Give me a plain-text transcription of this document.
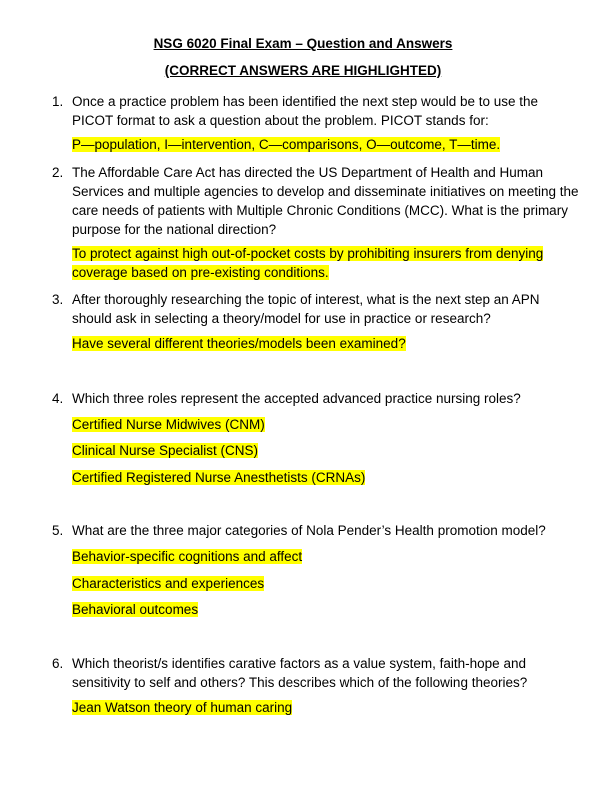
NSG 6020 Final Exam – Question and Answers
(CORRECT ANSWERS ARE HIGHLIGHTED)
1. Once a practice problem has been identified the next step would be to use the PICOT format to ask a question about the problem. PICOT stands for:
P—population, I—intervention, C—comparisons, O—outcome, T—time.
2. The Affordable Care Act has directed the US Department of Health and Human Services and multiple agencies to develop and disseminate initiatives on meeting the care needs of patients with Multiple Chronic Conditions (MCC). What is the primary purpose for the national direction?
To protect against high out-of-pocket costs by prohibiting insurers from denying coverage based on pre-existing conditions.
3. After thoroughly researching the topic of interest, what is the next step an APN should ask in selecting a theory/model for use in practice or research?
Have several different theories/models been examined?
4. Which three roles represent the accepted advanced practice nursing roles?
Certified Nurse Midwives (CNM)
Clinical Nurse Specialist (CNS)
Certified Registered Nurse Anesthetists (CRNAs)
5. What are the three major categories of Nola Pender’s Health promotion model?
Behavior-specific cognitions and affect
Characteristics and experiences
Behavioral outcomes
6. Which theorist/s identifies carative factors as a value system, faith-hope and sensitivity to self and others? This describes which of the following theories?
Jean Watson theory of human caring
